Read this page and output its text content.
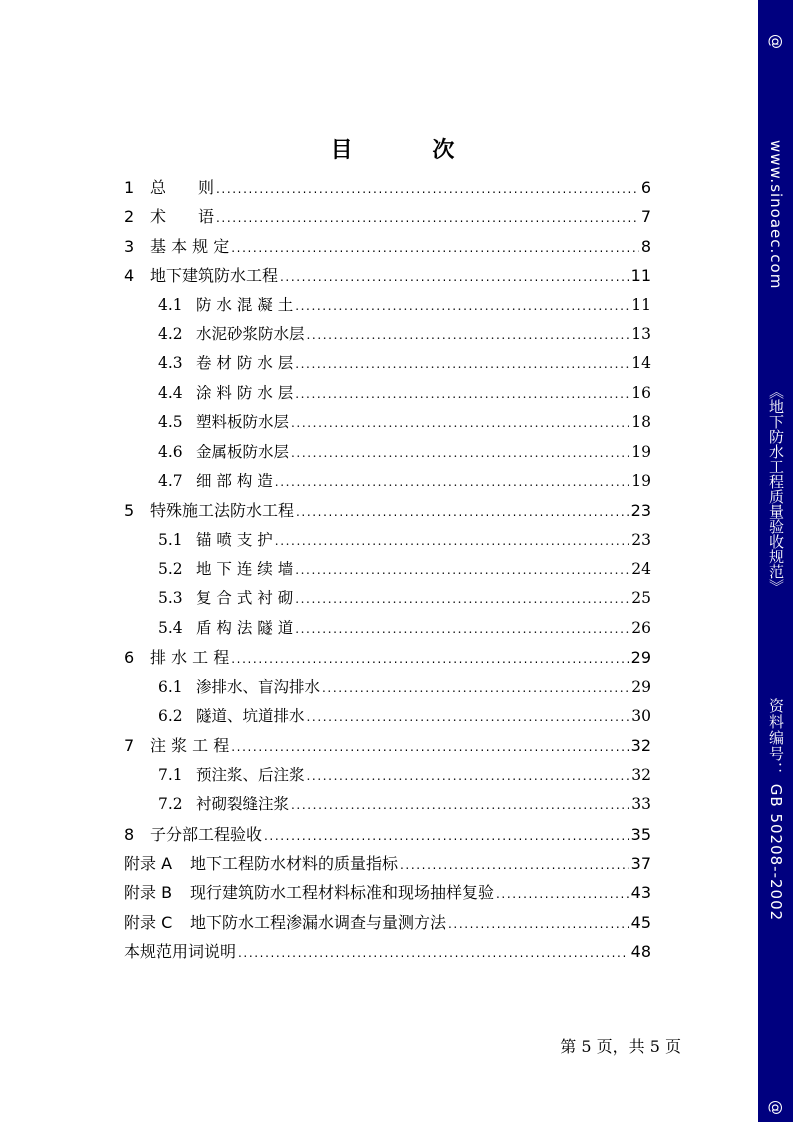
@
www.sinoaec.com
《地下防水工程质量验收规范》
资料编号： GB 50208--2002
@
目 次
1 总　　则 .....	6
2 术　　语 .....	7
3 基 本 规 定 .....	8
4 地下建筑防水工程 .....	11
4.1 防 水 混 凝 土 .....	11
4.2 水泥砂浆防水层 .....	13
4.3 卷 材 防 水 层 .....	14
4.4 涂 料 防 水 层 .....	16
4.5 塑料板防水层 .....	18
4.6 金属板防水层 .....	19
4.7 细 部 构 造 .....	19
5 特殊施工法防水工程 .....	23
5.1 锚 喷 支 护 .....	23
5.2 地 下 连 续 墙 .....	24
5.3 复 合 式 衬 砌 .....	25
5.4 盾 构 法 隧 道 .....	26
6 排 水 工 程 .....	29
6.1 渗排水、盲沟排水 .....	29
6.2 隧道、坑道排水 .....	30
7 注 浆 工 程 .....	32
7.1 预注浆、后注浆 .....	32
7.2 衬砌裂缝注浆 .....	33
8 子分部工程验收 .....	35
附录 A	地下工程防水材料的质量指标 .....	37
附录 B	现行建筑防水工程材料标准和现场抽样复验 .....	43
附录 C	地下防水工程渗漏水调查与量测方法 .....	45
本规范用词说明 .....	48
第 5 页，共 5 页
